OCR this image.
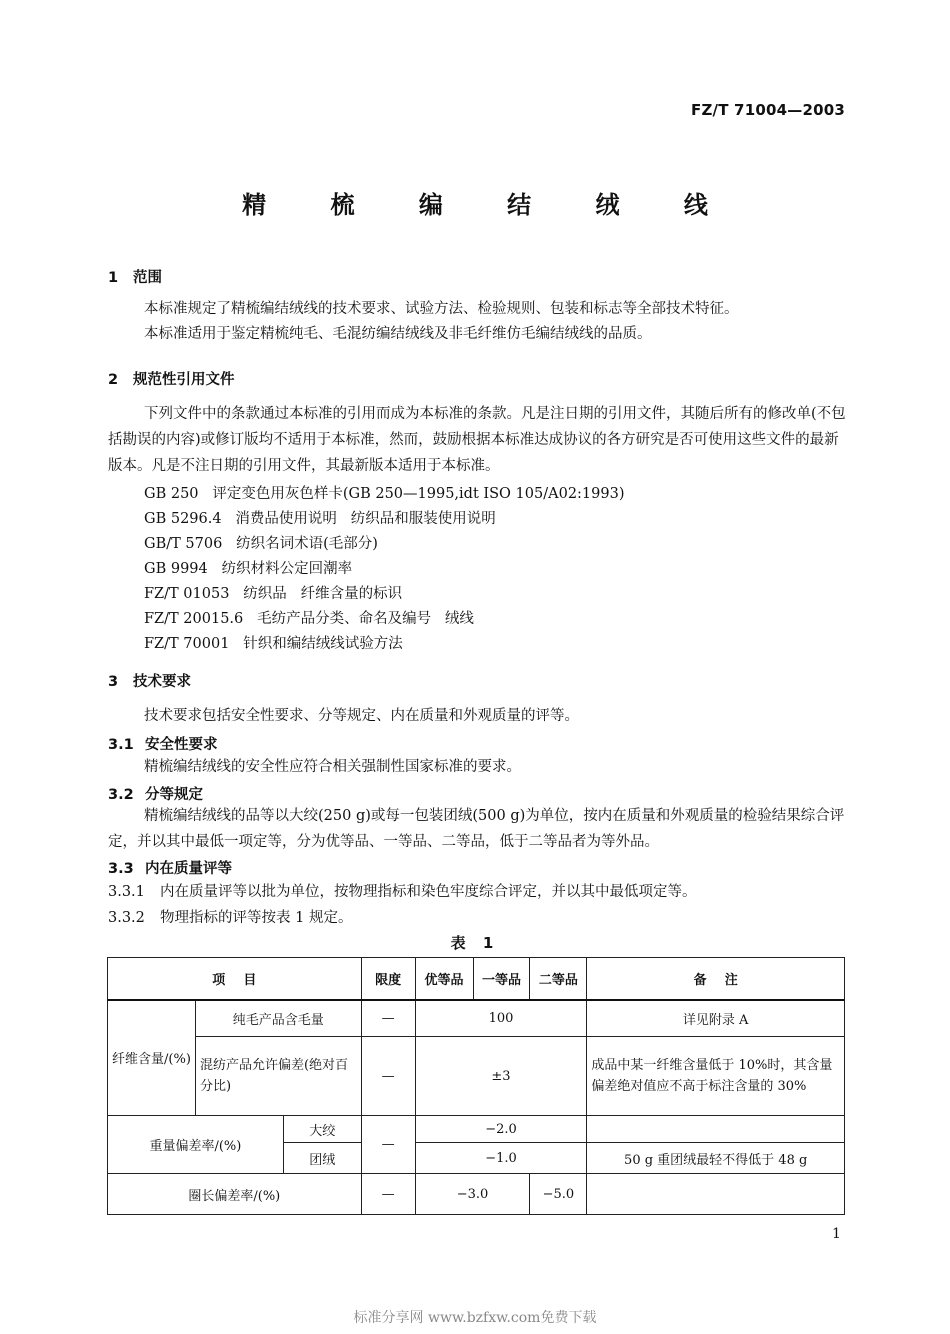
FZ/T 71004—2003
精 梳 编 结 绒 线
1 范围
本标准规定了精梳编结绒线的技术要求、试验方法、检验规则、包装和标志等全部技术特征。
本标准适用于鉴定精梳纯毛、毛混纺编结绒线及非毛纤维仿毛编结绒线的品质。
2 规范性引用文件
下列文件中的条款通过本标准的引用而成为本标准的条款。凡是注日期的引用文件，其随后所有的修改单(不包括勘误的内容)或修订版均不适用于本标准，然而，鼓励根据本标准达成协议的各方研究是否可使用这些文件的最新版本。凡是不注日期的引用文件，其最新版本适用于本标准。
GB 250   评定变色用灰色样卡(GB 250—1995,idt ISO 105/A02:1993)
GB 5296.4   消费品使用说明   纺织品和服装使用说明
GB/T 5706   纺织名词术语(毛部分)
GB 9994   纺织材料公定回潮率
FZ/T 01053   纺织品   纤维含量的标识
FZ/T 20015.6   毛纺产品分类、命名及编号   绒线
FZ/T 70001   针织和编结绒线试验方法
3 技术要求
技术要求包括安全性要求、分等规定、内在质量和外观质量的评等。
3.1 安全性要求
精梳编结绒线的安全性应符合相关强制性国家标准的要求。
3.2 分等规定
精梳编结绒线的品等以大绞(250 g)或每一包装团绒(500 g)为单位，按内在质量和外观质量的检验结果综合评定，并以其中最低一项定等，分为优等品、一等品、二等品，低于二等品者为等外品。
3.3 内在质量评等
3.3.1 内在质量评等以批为单位，按物理指标和染色牢度综合评定，并以其中最低项定等。
3.3.2 物理指标的评等按表 1 规定。
表 1
项    目			限度	优等品	一等品	二等品	备    注
纤维含量/(%)	纯毛产品含毛量		—	100			详见附录 A
	混纺产品允许偏差(绝对百分比)		—	±3			成品中某一纤维含量低于 10%时，其含量偏差绝对值应不高于标注含量的 30%
重量偏差率/(%)		大绞	—	−2.0			
		团绒		−1.0			50 g 重团绒最轻不得低于 48 g
圈长偏差率/(%)			—	−3.0		−5.0	
1
标准分享网 www.bzfxw.com免费下载
